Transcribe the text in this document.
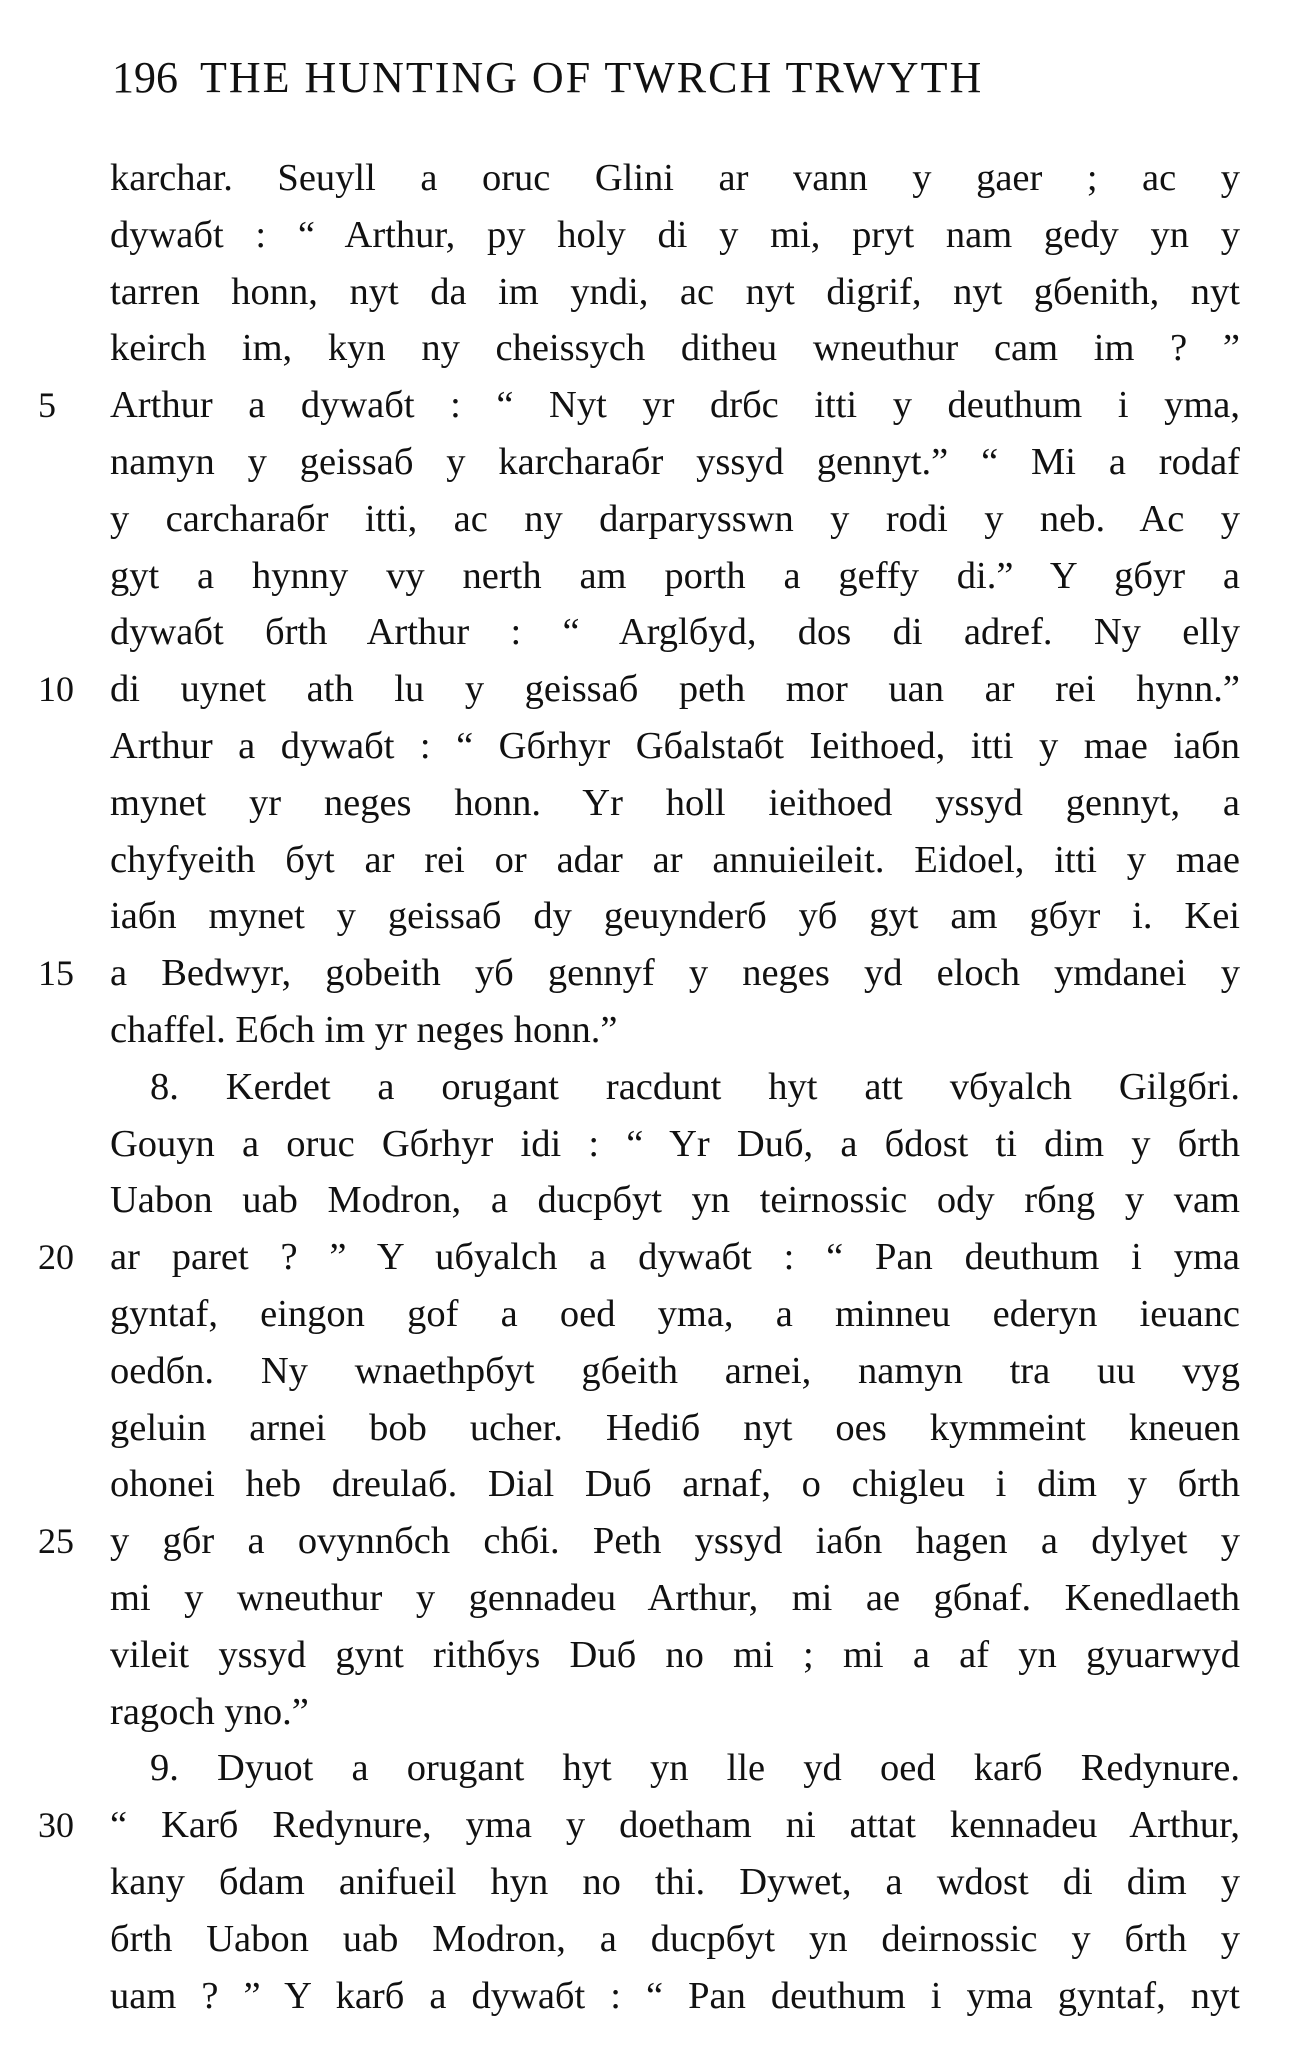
196 THE HUNTING OF TWRCH TRWYTH
karchar. Seuyll a oruc Glini ar vann y gaer ; ac y
dywaбt : “ Arthur, py holy di y mi, pryt nam gedy yn y
tarren honn, nyt da im yndi, ac nyt digrif, nyt gбenith, nyt
keirch im, kyn ny cheissych ditheu wneuthur cam im ? ”
5	Arthur a dywaбt : “ Nyt yr drбc itti y deuthum i yma,
namyn y geissaб y karcharaбr yssyd gennyt.” “ Mi a rodaf
y carcharaбr itti, ac ny darparysswn y rodi y neb. Ac y
gyt a hynny vy nerth am porth a geffy di.” Y gбyr a
dywaбt бrth Arthur : “ Arglбyd, dos di adref. Ny elly
10 di uynet ath lu y geissaб peth mor uan ar rei hynn.”
Arthur a dywaбt : “ Gбrhyr Gбalstaбt Ieithoed, itti y mae iaбn
mynet yr neges honn. Yr holl ieithoed yssyd gennyt, a
chyfyeith бyt ar rei or adar ar annuieileit. Eidoel, itti y mae
iaбn mynet y geissaб dy geuynderб yб gyt am gбyr i. Kei
15 a Bedwyr, gobeith yб gennyf y neges yd eloch ymdanei y
chaffel. Eбch im yr neges honn.”
8. Kerdet a orugant racdunt hyt att vбyalch Gilgбri.
Gouyn a oruc Gбrhyr idi : “ Yr Duб, a бdost ti dim y бrth
Uabon uab Modron, a ducpбyt yn teirnossic ody rбng y vam
20 ar paret ? ” Y uбyalch a dywaбt : “ Pan deuthum i yma
gyntaf, eingon gof a oed yma, a minneu ederyn ieuanc
oedбn. Ny wnaethpбyt gбeith arnei, namyn tra uu vyg
geluin arnei bob ucher. Hediб nyt oes kymmeint kneuen
ohonei heb dreulaб. Dial Duб arnaf, o chigleu i dim y бrth
25 y gбr a ovynnбch chбi. Peth yssyd iaбn hagen a dylyet y
mi y wneuthur y gennadeu Arthur, mi ae gбnaf. Kenedlaeth
vileit yssyd gynt rithбys Duб no mi ; mi a af yn gyuarwyd
ragoch yno.”
9. Dyuot a orugant hyt yn lle yd oed karб Redynure.
30 “ Karб Redynure, yma y doetham ni attat kennadeu Arthur,
kany бdam anifueil hyn no thi. Dywet, a wdost di dim y
бrth Uabon uab Modron, a ducpбyt yn deirnossic y бrth y
uam ? ” Y karб a dywaбt : “ Pan deuthum i yma gyntaf, nyt
